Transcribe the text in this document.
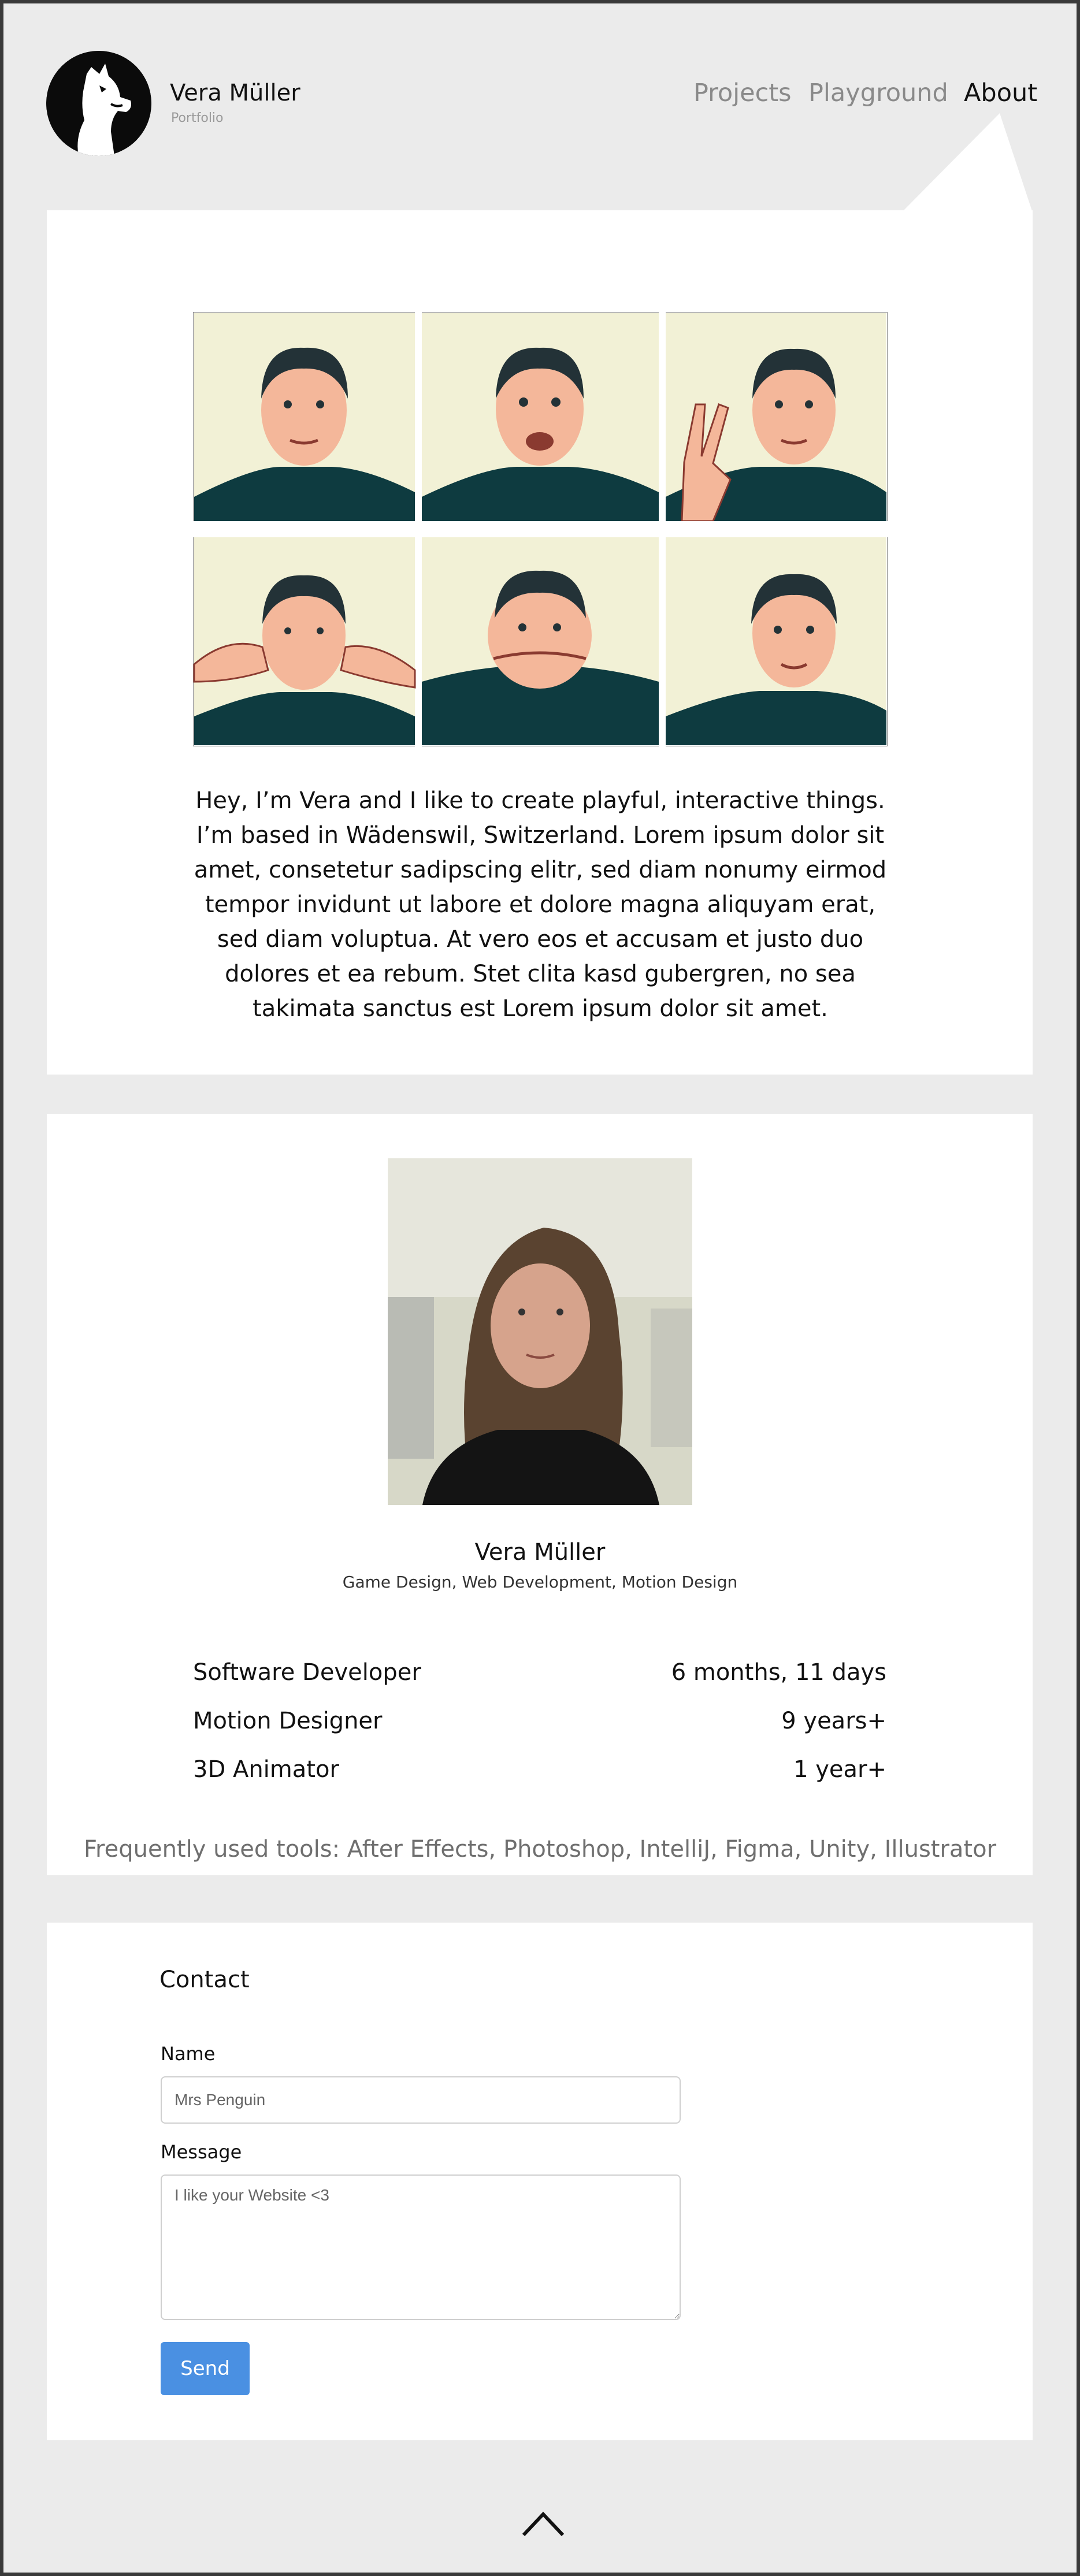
Vera Müller
Portfolio
Projects Playground About

Hey, I’m Vera and I like to create playful, interactive things. I’m based in Wädenswil, Switzerland. Lorem ipsum dolor sit amet, consetetur sadipscing elitr, sed diam nonumy eirmod tempor invidunt ut labore et dolore magna aliquyam erat, sed diam voluptua. At vero eos et accusam et justo duo dolores et ea rebum. Stet clita kasd gubergren, no sea takimata sanctus est Lorem ipsum dolor sit amet.

Vera Müller
Game Design, Web Development, Motion Design
Software Developer	6 months, 11 days
Motion Designer	9 years+
3D Animator	1 year+
Frequently used tools: After Effects, Photoshop, IntelliJ, Figma, Unity, Illustrator
Contact
Name
Mrs Penguin
Message
I like your Website <3
Send
